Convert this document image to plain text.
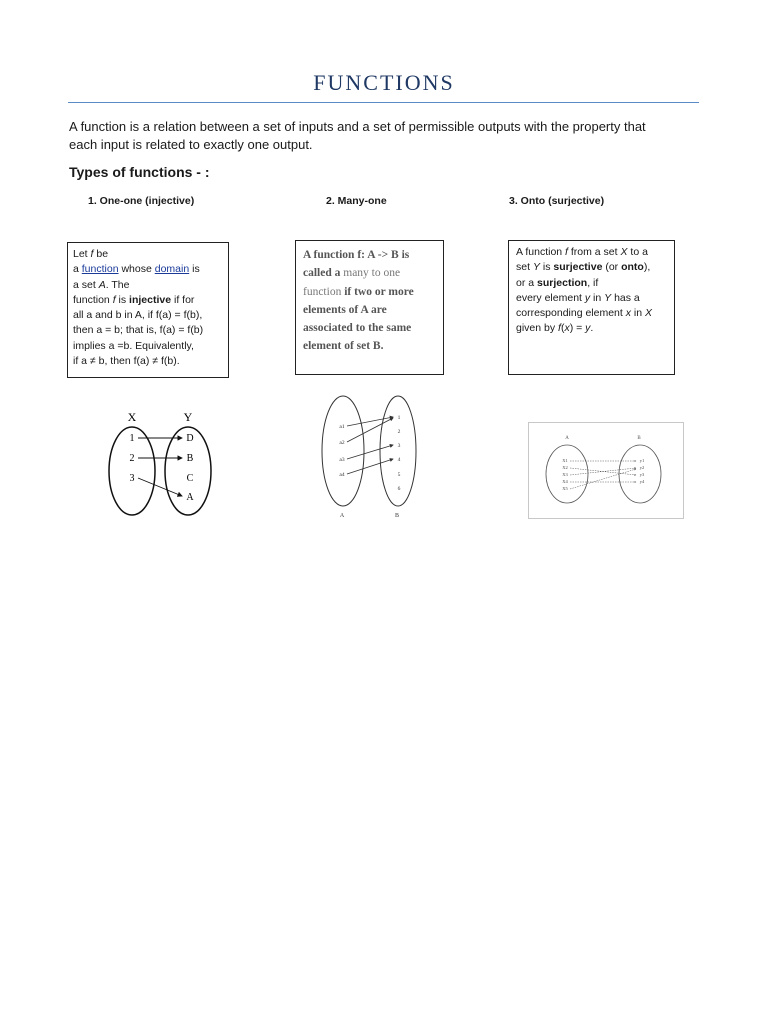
FUNCTIONS
A function is a relation between a set of inputs and a set of permissible outputs with the property that
each input is related to exactly one output.
Types of functions - :
1. One-one (injective)	2. Many-one	3. Onto (surjective)
Let f be
a function whose domain is
a set A. The
function f is injective if for
all a and b in A, if f(a) = f(b),
then a = b; that is, f(a) = f(b)
implies a =b. Equivalently,
if a ≠ b, then f(a) ≠ f(b).
A function f: A -> B is
called a many to one
function if two or more
elements of A are
associated to the same
element of set B.
A function f from a set X to a
set Y is surjective (or onto),
or a surjection, if
every element y in Y has a
corresponding element x in X
given by f(x) = y.
X	Y
1
2
3
D
B
C
A
a1
a2
a3
a4
1
2
3
4
5
6
A	B
A	B
X1
X2
X3
X4
X5
y1
y2
y3
y4
